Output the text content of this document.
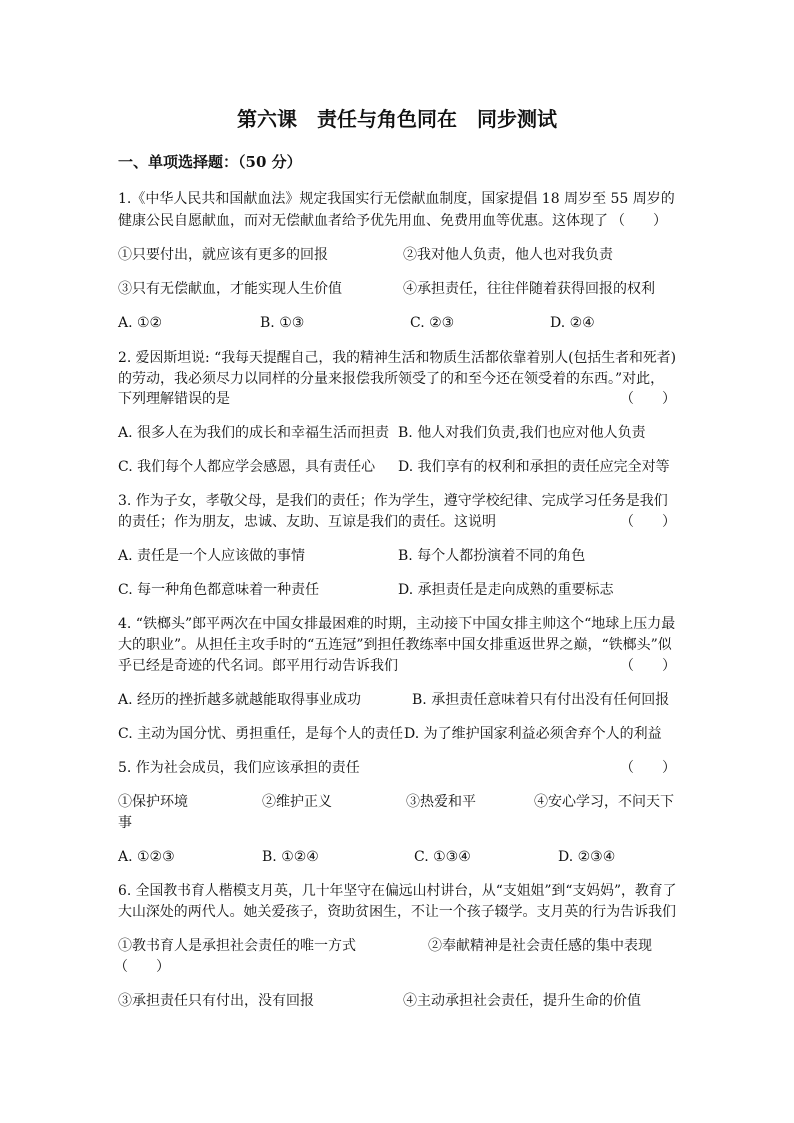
第六课　责任与角色同在　同步测试
一、单项选择题：（50 分）
1.《中华人民共和国献血法》规定我国实行无偿献血制度，国家提倡 18 周岁至 55 周岁的
健康公民自愿献血，而对无偿献血者给予优先用血、免费用血等优惠。这体现了 （　　）
①只要付出，就应该有更多的回报	②我对他人负责，他人也对我负责
③只有无偿献血，才能实现人生价值	④承担责任，往往伴随着获得回报的权利
A. ①②	B. ①③	C. ②③	D. ②④
2. 爱因斯坦说: “我每天提醒自己，我的精神生活和物质生活都依靠着别人(包括生者和死者)
的劳动，我必须尽力以同样的分量来报偿我所领受了的和至今还在领受着的东西。”对此，
下列理解错误的是	（　　）
A. 很多人在为我们的成长和幸福生活而担责 B. 他人对我们负责,我们也应对他人负责
C. 我们每个人都应学会感恩，具有责任心 D. 我们享有的权利和承担的责任应完全对等
3. 作为子女，孝敬父母，是我们的责任；作为学生，遵守学校纪律、完成学习任务是我们
的责任；作为朋友，忠诚、友助、互谅是我们的责任。这说明	（　　）
A. 责任是一个人应该做的事情	B. 每个人都扮演着不同的角色
C. 每一种角色都意味着一种责任	D. 承担责任是走向成熟的重要标志
4. “铁榔头”郎平两次在中国女排最困难的时期，主动接下中国女排主帅这个“地球上压力最
大的职业”。从担任主攻手时的“五连冠”到担任教练率中国女排重返世界之巅，“铁榔头”似
乎已经是奇迹的代名词。郎平用行动告诉我们	（　　）
A. 经历的挫折越多就越能取得事业成功	B. 承担责任意味着只有付出没有任何回报
C. 主动为国分忧、勇担重任，是每个人的责任 D. 为了维护国家利益必须舍弃个人的利益
5. 作为社会成员，我们应该承担的责任	（　　）
①保护环境	②维护正义	③热爱和平	④安心学习，不问天下
事
A. ①②③	B. ①②④	C. ①③④	D. ②③④
6. 全国教书育人楷模支月英，几十年坚守在偏远山村讲台，从“支姐姐”到“支妈妈”，教育了
大山深处的两代人。她关爱孩子，资助贫困生，不让一个孩子辍学。支月英的行为告诉我们
①教书育人是承担社会责任的唯一方式	②奉献精神是社会责任感的集中表现
（　　）
③承担责任只有付出，没有回报	④主动承担社会责任，提升生命的价值
